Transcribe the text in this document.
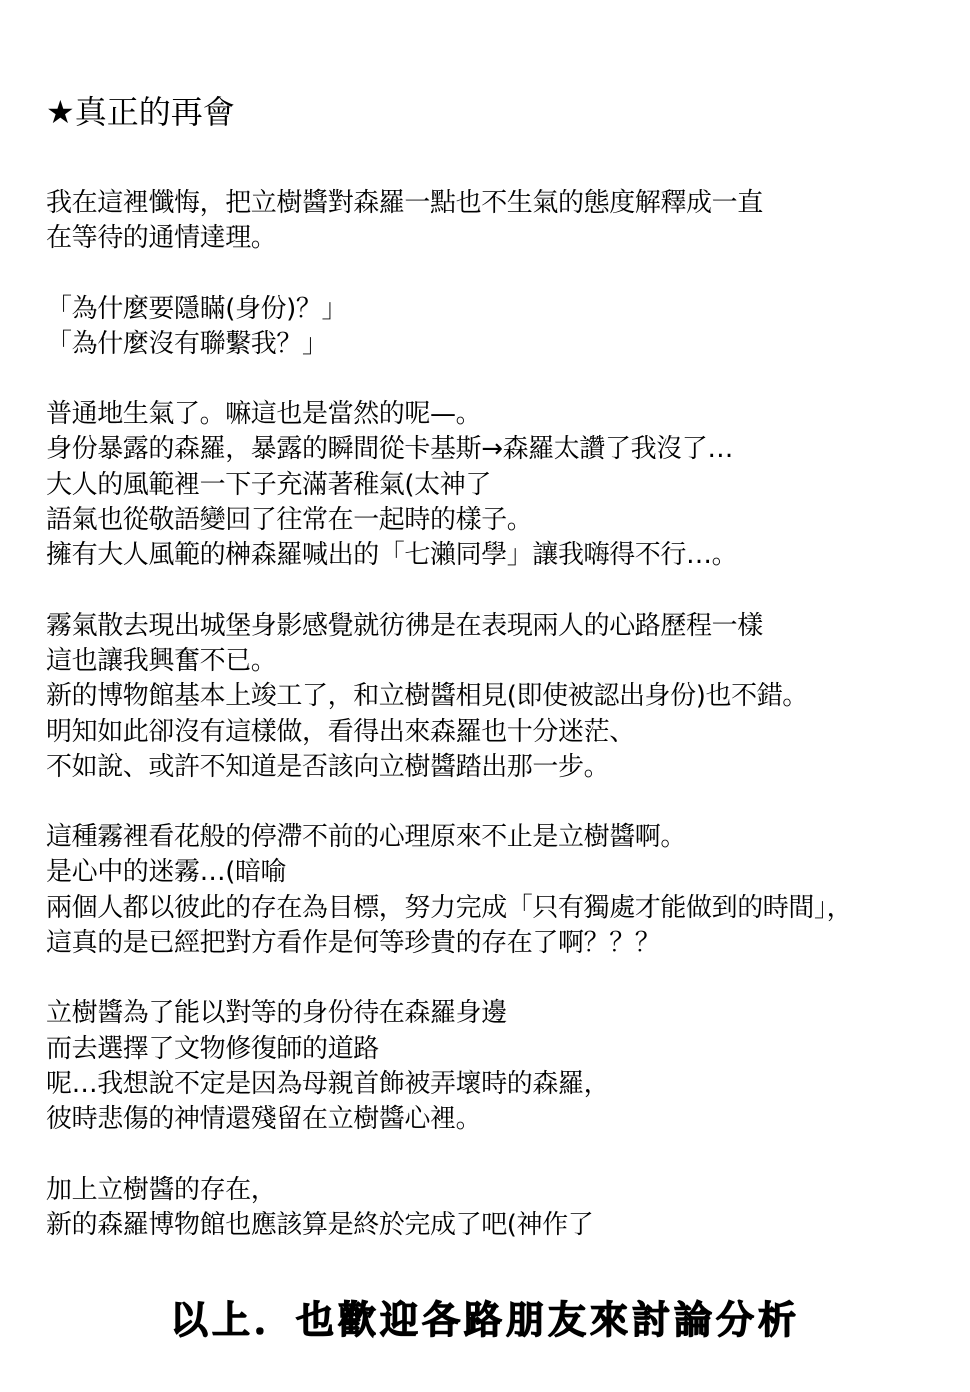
★真正的再會
我在這裡懺悔，把立樹醬對森羅一點也不生氣的態度解釋成一直
在等待的通情達理。
「為什麼要隱瞞(身份)？」
「為什麼沒有聯繫我？」
普通地生氣了。嘛這也是當然的呢—。
身份暴露的森羅，暴露的瞬間從卡基斯→森羅太讚了我沒了…
大人的風範裡一下子充滿著稚氣(太神了
語氣也從敬語變回了往常在一起時的樣子。
擁有大人風範的榊森羅喊出的「七瀨同學」讓我嗨得不行…。
霧氣散去現出城堡身影感覺就彷彿是在表現兩人的心路歷程一樣
這也讓我興奮不已。
新的博物館基本上竣工了，和立樹醬相見(即使被認出身份)也不錯。
明知如此卻沒有這樣做，看得出來森羅也十分迷茫、
不如說、或許不知道是否該向立樹醬踏出那一步。
這種霧裡看花般的停滯不前的心理原來不止是立樹醬啊。
是心中的迷霧…(暗喻
兩個人都以彼此的存在為目標，努力完成「只有獨處才能做到的時間」，
這真的是已經把對方看作是何等珍貴的存在了啊？？？
立樹醬為了能以對等的身份待在森羅身邊
而去選擇了文物修復師的道路
呢…我想說不定是因為母親首飾被弄壞時的森羅，
彼時悲傷的神情還殘留在立樹醬心裡。
加上立樹醬的存在，
新的森羅博物館也應該算是終於完成了吧(神作了
以上．也歡迎各路朋友來討論分析
